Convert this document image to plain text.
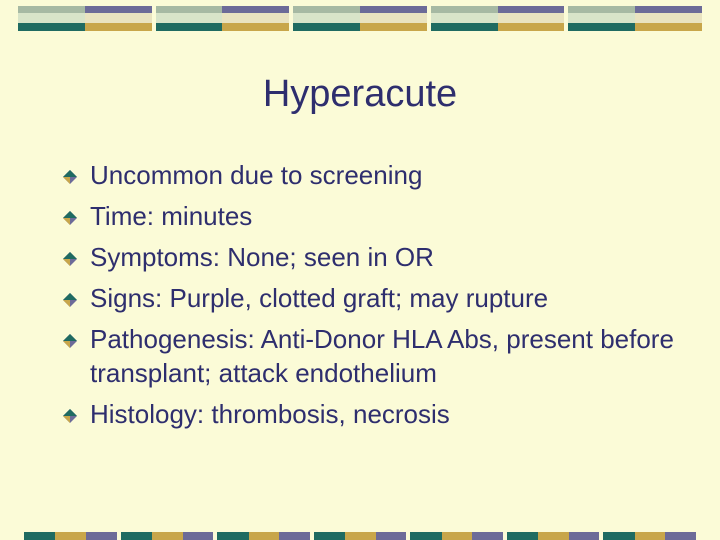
Hyperacute
Uncommon due to screening
Time: minutes
Symptoms: None; seen in OR
Signs: Purple, clotted graft; may rupture
Pathogenesis: Anti-Donor HLA Abs, present before transplant; attack endothelium
Histology: thrombosis, necrosis
